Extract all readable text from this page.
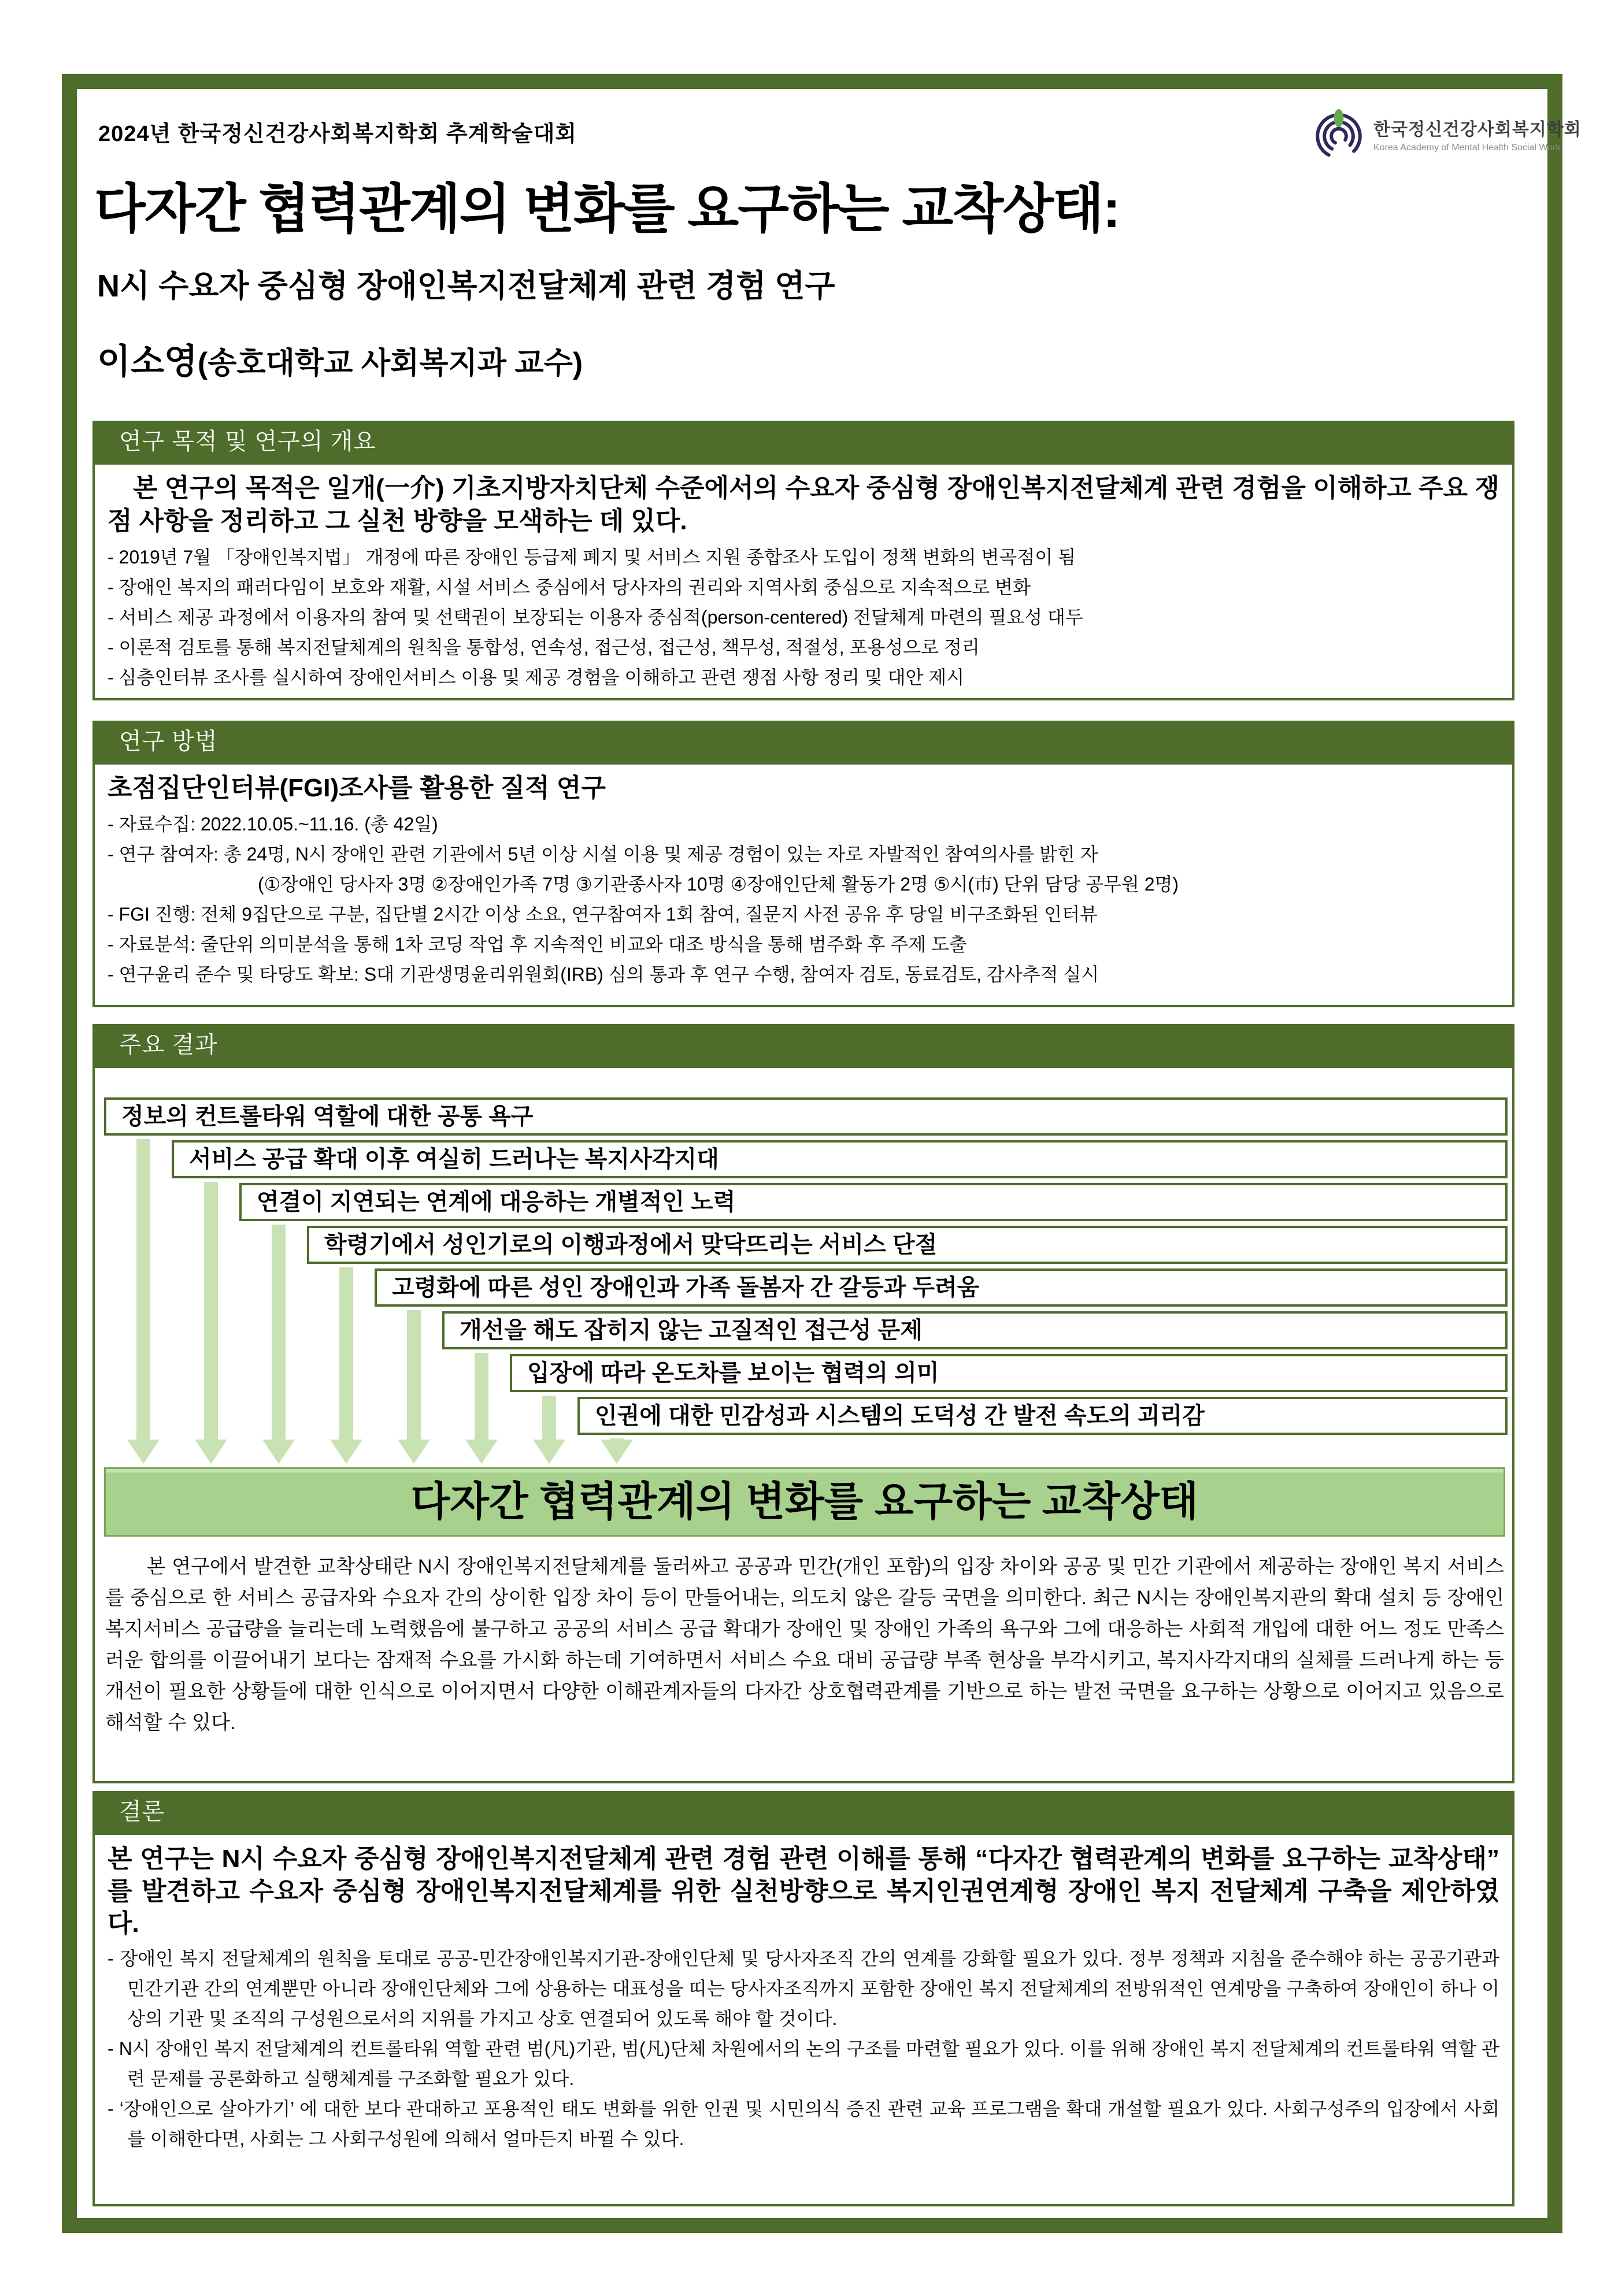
2024년 한국정신건강사회복지학회 추계학술대회	한국정신건강사회복지학회
Korea Academy of Mental Health Social Work
다자간 협력관계의 변화를 요구하는 교착상태:
N시 수요자 중심형 장애인복지전달체계 관련 경험 연구
이소영(송호대학교 사회복지과 교수)
연구 목적 및 연구의 개요

본 연구의 목적은 일개(一介) 기초지방자치단체 수준에서의 수요자 중심형 장애인복지전달체계 관련 경험을 이해하고 주요 쟁점 사항을 정리하고 그 실천 방향을 모색하는 데 있다.

- 2019년 7월 「장애인복지법」 개정에 따른 장애인 등급제 폐지 및 서비스 지원 종합조사 도입이 정책 변화의 변곡점이 됨

- 장애인 복지의 패러다임이 보호와 재활, 시설 서비스 중심에서 당사자의 권리와 지역사회 중심으로 지속적으로 변화

- 서비스 제공 과정에서 이용자의 참여 및 선택권이 보장되는 이용자 중심적(person-centered) 전달체계 마련의 필요성 대두

- 이론적 검토를 통해 복지전달체계의 원칙을 통합성, 연속성, 접근성, 접근성, 책무성, 적절성, 포용성으로 정리

- 심층인터뷰 조사를 실시하여 장애인서비스 이용 및 제공 경험을 이해하고 관련 쟁점 사항 정리 및 대안 제시

연구 방법

초점집단인터뷰(FGI)조사를 활용한 질적 연구

- 자료수집: 2022.10.05.~11.16. (총 42일)

- 연구 참여자: 총 24명, N시 장애인 관련 기관에서 5년 이상 시설 이용 및 제공 경험이 있는 자로 자발적인 참여의사를 밝힌 자

(①장애인 당사자 3명 ②장애인가족 7명 ③기관종사자 10명 ④장애인단체 활동가 2명 ⑤시(市) 단위 담당 공무원 2명)

- FGI 진행: 전체 9집단으로 구분, 집단별 2시간 이상 소요, 연구참여자 1회 참여, 질문지 사전 공유 후 당일 비구조화된 인터뷰

- 자료분석: 줄단위 의미분석을 통해 1차 코딩 작업 후 지속적인 비교와 대조 방식을 통해 범주화 후 주제 도출

- 연구윤리 준수 및 타당도 확보: S대 기관생명윤리위원회(IRB) 심의 통과 후 연구 수행, 참여자 검토, 동료검토, 감사추적 실시

주요 결과
정보의 컨트롤타워 역할에 대한 공통 욕구
서비스 공급 확대 이후 여실히 드러나는 복지사각지대
연결이 지연되는 연계에 대응하는 개별적인 노력
학령기에서 성인기로의 이행과정에서 맞닥뜨리는 서비스 단절
고령화에 따른 성인 장애인과 가족 돌봄자 간 갈등과 두려움
개선을 해도 잡히지 않는 고질적인 접근성 문제
입장에 따라 온도차를 보이는 협력의 의미
인권에 대한 민감성과 시스템의 도덕성 간 발전 속도의 괴리감
다자간 협력관계의 변화를 요구하는 교착상태

본 연구에서 발견한 교착상태란 N시 장애인복지전달체계를 둘러싸고 공공과 민간(개인 포함)의 입장 차이와 공공 및 민간 기관에서 제공하는 장애인 복지 서비스를 중심으로 한 서비스 공급자와 수요자 간의 상이한 입장 차이 등이 만들어내는, 의도치 않은 갈등 국면을 의미한다. 최근 N시는 장애인복지관의 확대 설치 등 장애인 복지서비스 공급량을 늘리는데 노력했음에 불구하고 공공의 서비스 공급 확대가 장애인 및 장애인 가족의 욕구와 그에 대응하는 사회적 개입에 대한 어느 정도 만족스러운 합의를 이끌어내기 보다는 잠재적 수요를 가시화 하는데 기여하면서 서비스 수요 대비 공급량 부족 현상을 부각시키고, 복지사각지대의 실체를 드러나게 하는 등 개선이 필요한 상황들에 대한 인식으로 이어지면서 다양한 이해관계자들의 다자간 상호협력관계를 기반으로 하는 발전 국면을 요구하는 상황으로 이어지고 있음으로 해석할 수 있다.

결론

본 연구는 N시 수요자 중심형 장애인복지전달체계 관련 경험 관련 이해를 통해 “다자간 협력관계의 변화를 요구하는 교착상태” 를 발견하고 수요자 중심형 장애인복지전달체계를 위한 실천방향으로 복지인권연계형 장애인 복지 전달체계 구축을 제안하였다.

- 장애인 복지 전달체계의 원칙을 토대로 공공-민간장애인복지기관-장애인단체 및 당사자조직 간의 연계를 강화할 필요가 있다. 정부 정책과 지침을 준수해야 하는 공공기관과 민간기관 간의 연계뿐만 아니라 장애인단체와 그에 상용하는 대표성을 띠는 당사자조직까지 포함한 장애인 복지 전달체계의 전방위적인 연계망을 구축하여 장애인이 하나 이상의 기관 및 조직의 구성원으로서의 지위를 가지고 상호 연결되어 있도록 해야 할 것이다.

- N시 장애인 복지 전달체계의 컨트롤타워 역할 관련 범(凡)기관, 범(凡)단체 차원에서의 논의 구조를 마련할 필요가 있다. 이를 위해 장애인 복지 전달체계의 컨트롤타워 역할 관련 문제를 공론화하고 실행체계를 구조화할 필요가 있다.

- ‘장애인으로 살아가기’ 에 대한 보다 관대하고 포용적인 태도 변화를 위한 인권 및 시민의식 증진 관련 교육 프로그램을 확대 개설할 필요가 있다. 사회구성주의 입장에서 사회를 이해한다면, 사회는 그 사회구성원에 의해서 얼마든지 바뀔 수 있다.
